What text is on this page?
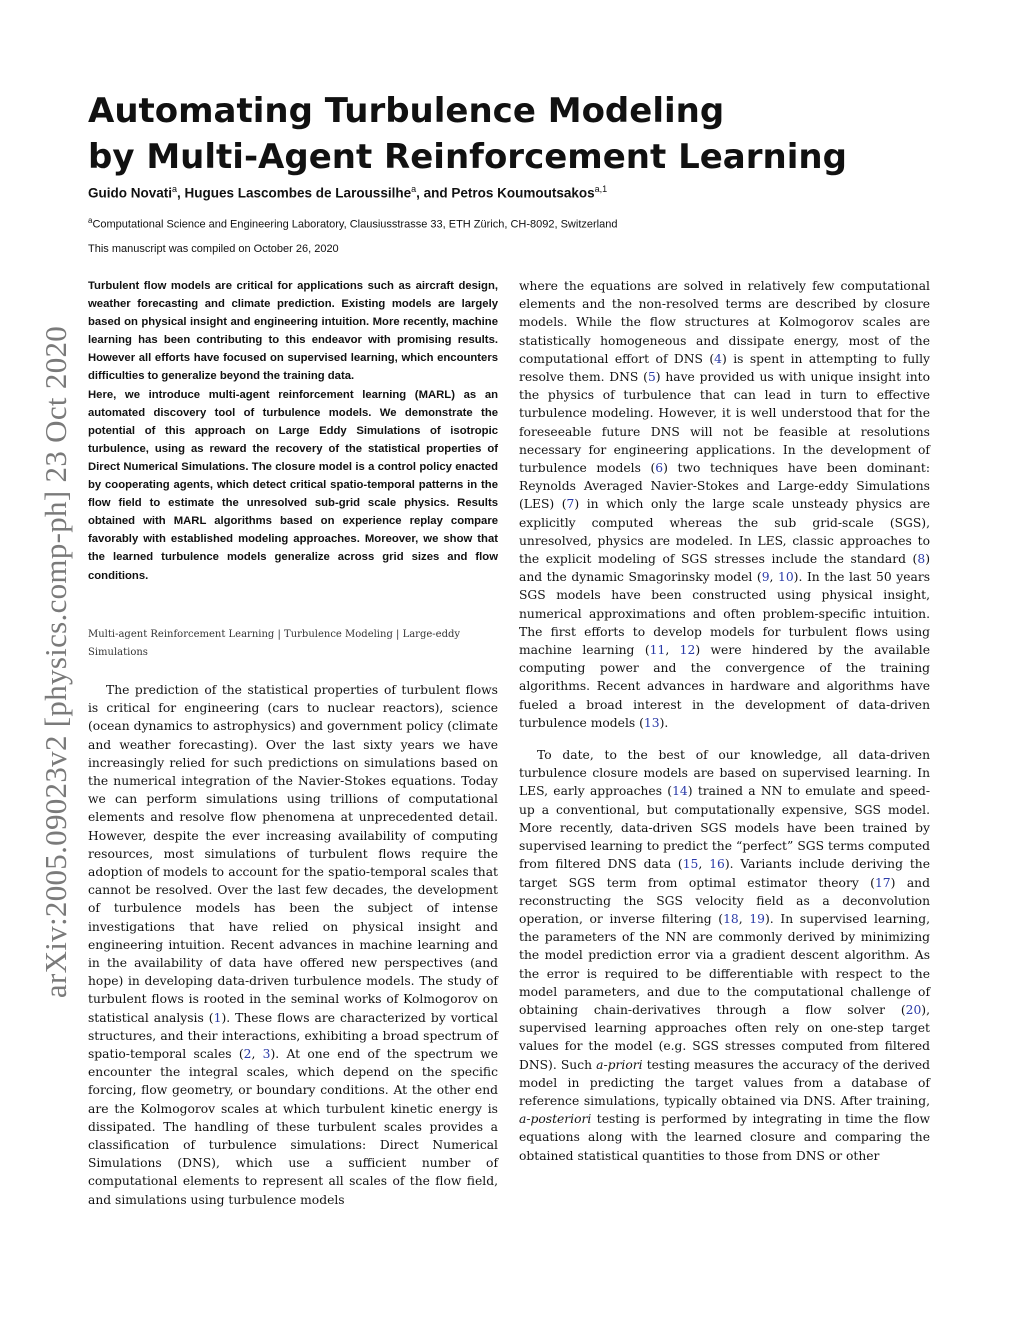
arXiv:2005.09023v2 [physics.comp-ph] 23 Oct 2020
Automating Turbulence Modeling
by Multi-Agent Reinforcement Learning
Guido Novati$^a$, Hugues Lascombes de Laroussilhe$^a$, and Petros Koumoutsakos$^{a,1}$
$^a$Computational Science and Engineering Laboratory, Clausiusstrasse 33, ETH Zürich, CH-8092, Switzerland
This manuscript was compiled on October 26, 2020

Turbulent flow models are critical for applications such as aircraft design, weather forecasting and climate prediction. Existing models are largely based on physical insight and engineering intuition. More recently, machine learning has been contributing to this endeavor with promising results. However all efforts have focused on supervised learning, which encounters difficulties to generalize beyond the training data.

Here, we introduce multi-agent reinforcement learning (MARL) as an automated discovery tool of turbulence models. We demonstrate the potential of this approach on Large Eddy Simulations of isotropic turbulence, using as reward the recovery of the statistical properties of Direct Numerical Simulations. The closure model is a control policy enacted by cooperating agents, which detect critical spatio-temporal patterns in the flow field to estimate the unresolved sub-grid scale physics. Results obtained with MARL algorithms based on experience replay compare favorably with established modeling approaches. Moreover, we show that the learned turbulence models generalize across grid sizes and flow conditions.

Multi-agent Reinforcement Learning | Turbulence Modeling | Large-eddy Simulations

The prediction of the statistical properties of turbulent flows is critical for engineering (cars to nuclear reactors), science (ocean dynamics to astrophysics) and government policy (climate and weather forecasting). Over the last sixty years we have increasingly relied for such predictions on simulations based on the numerical integration of the Navier-Stokes equations. Today we can perform simulations using trillions of computational elements and resolve flow phenomena at unprecedented detail. However, despite the ever increasing availability of computing resources, most simulations of turbulent flows require the adoption of models to account for the spatio-temporal scales that cannot be resolved. Over the last few decades, the development of turbulence models has been the subject of intense investigations that have relied on physical insight and engineering intuition. Recent advances in machine learning and in the availability of data have offered new perspectives (and hope) in developing data-driven turbulence models. The study of turbulent flows is rooted in the seminal works of Kolmogorov on statistical analysis (1). These flows are characterized by vortical structures, and their interactions, exhibiting a broad spectrum of spatio-temporal scales (2, 3). At one end of the spectrum we encounter the integral scales, which depend on the specific forcing, flow geometry, or boundary conditions. At the other end are the Kolmogorov scales at which turbulent kinetic energy is dissipated. The handling of these turbulent scales provides a classification of turbulence simulations: Direct Numerical Simulations (DNS), which use a sufficient number of computational elements to represent all scales of the flow field, and simulations using turbulence models

where the equations are solved in relatively few computational elements and the non-resolved terms are described by closure models. While the flow structures at Kolmogorov scales are statistically homogeneous and dissipate energy, most of the computational effort of DNS (4) is spent in attempting to fully resolve them. DNS (5) have provided us with unique insight into the physics of turbulence that can lead in turn to effective turbulence modeling. However, it is well understood that for the foreseeable future DNS will not be feasible at resolutions necessary for engineering applications. In the development of turbulence models (6) two techniques have been dominant: Reynolds Averaged Navier-Stokes and Large-eddy Simulations (LES) (7) in which only the large scale unsteady physics are explicitly computed whereas the sub grid-scale (SGS), unresolved, physics are modeled. In LES, classic approaches to the explicit modeling of SGS stresses include the standard (8) and the dynamic Smagorinsky model (9, 10). In the last 50 years SGS models have been constructed using physical insight, numerical approximations and often problem-specific intuition. The first efforts to develop models for turbulent flows using machine learning (11, 12) were hindered by the available computing power and the convergence of the training algorithms. Recent advances in hardware and algorithms have fueled a broad interest in the development of data-driven turbulence models (13).

To date, to the best of our knowledge, all data-driven turbulence closure models are based on supervised learning. In LES, early approaches (14) trained a NN to emulate and speed-up a conventional, but computationally expensive, SGS model. More recently, data-driven SGS models have been trained by supervised learning to predict the “perfect” SGS terms computed from filtered DNS data (15, 16). Variants include deriving the target SGS term from optimal estimator theory (17) and reconstructing the SGS velocity field as a deconvolution operation, or inverse filtering (18, 19). In supervised learning, the parameters of the NN are commonly derived by minimizing the model prediction error via a gradient descent algorithm. As the error is required to be differentiable with respect to the model parameters, and due to the computational challenge of obtaining chain-derivatives through a flow solver (20), supervised learning approaches often rely on one-step target values for the model (e.g. SGS stresses computed from filtered DNS). Such a-priori testing measures the accuracy of the derived model in predicting the target values from a database of reference simulations, typically obtained via DNS. After training, a-posteriori testing is performed by integrating in time the flow equations along with the learned closure and comparing the obtained statistical quantities to those from DNS or other
